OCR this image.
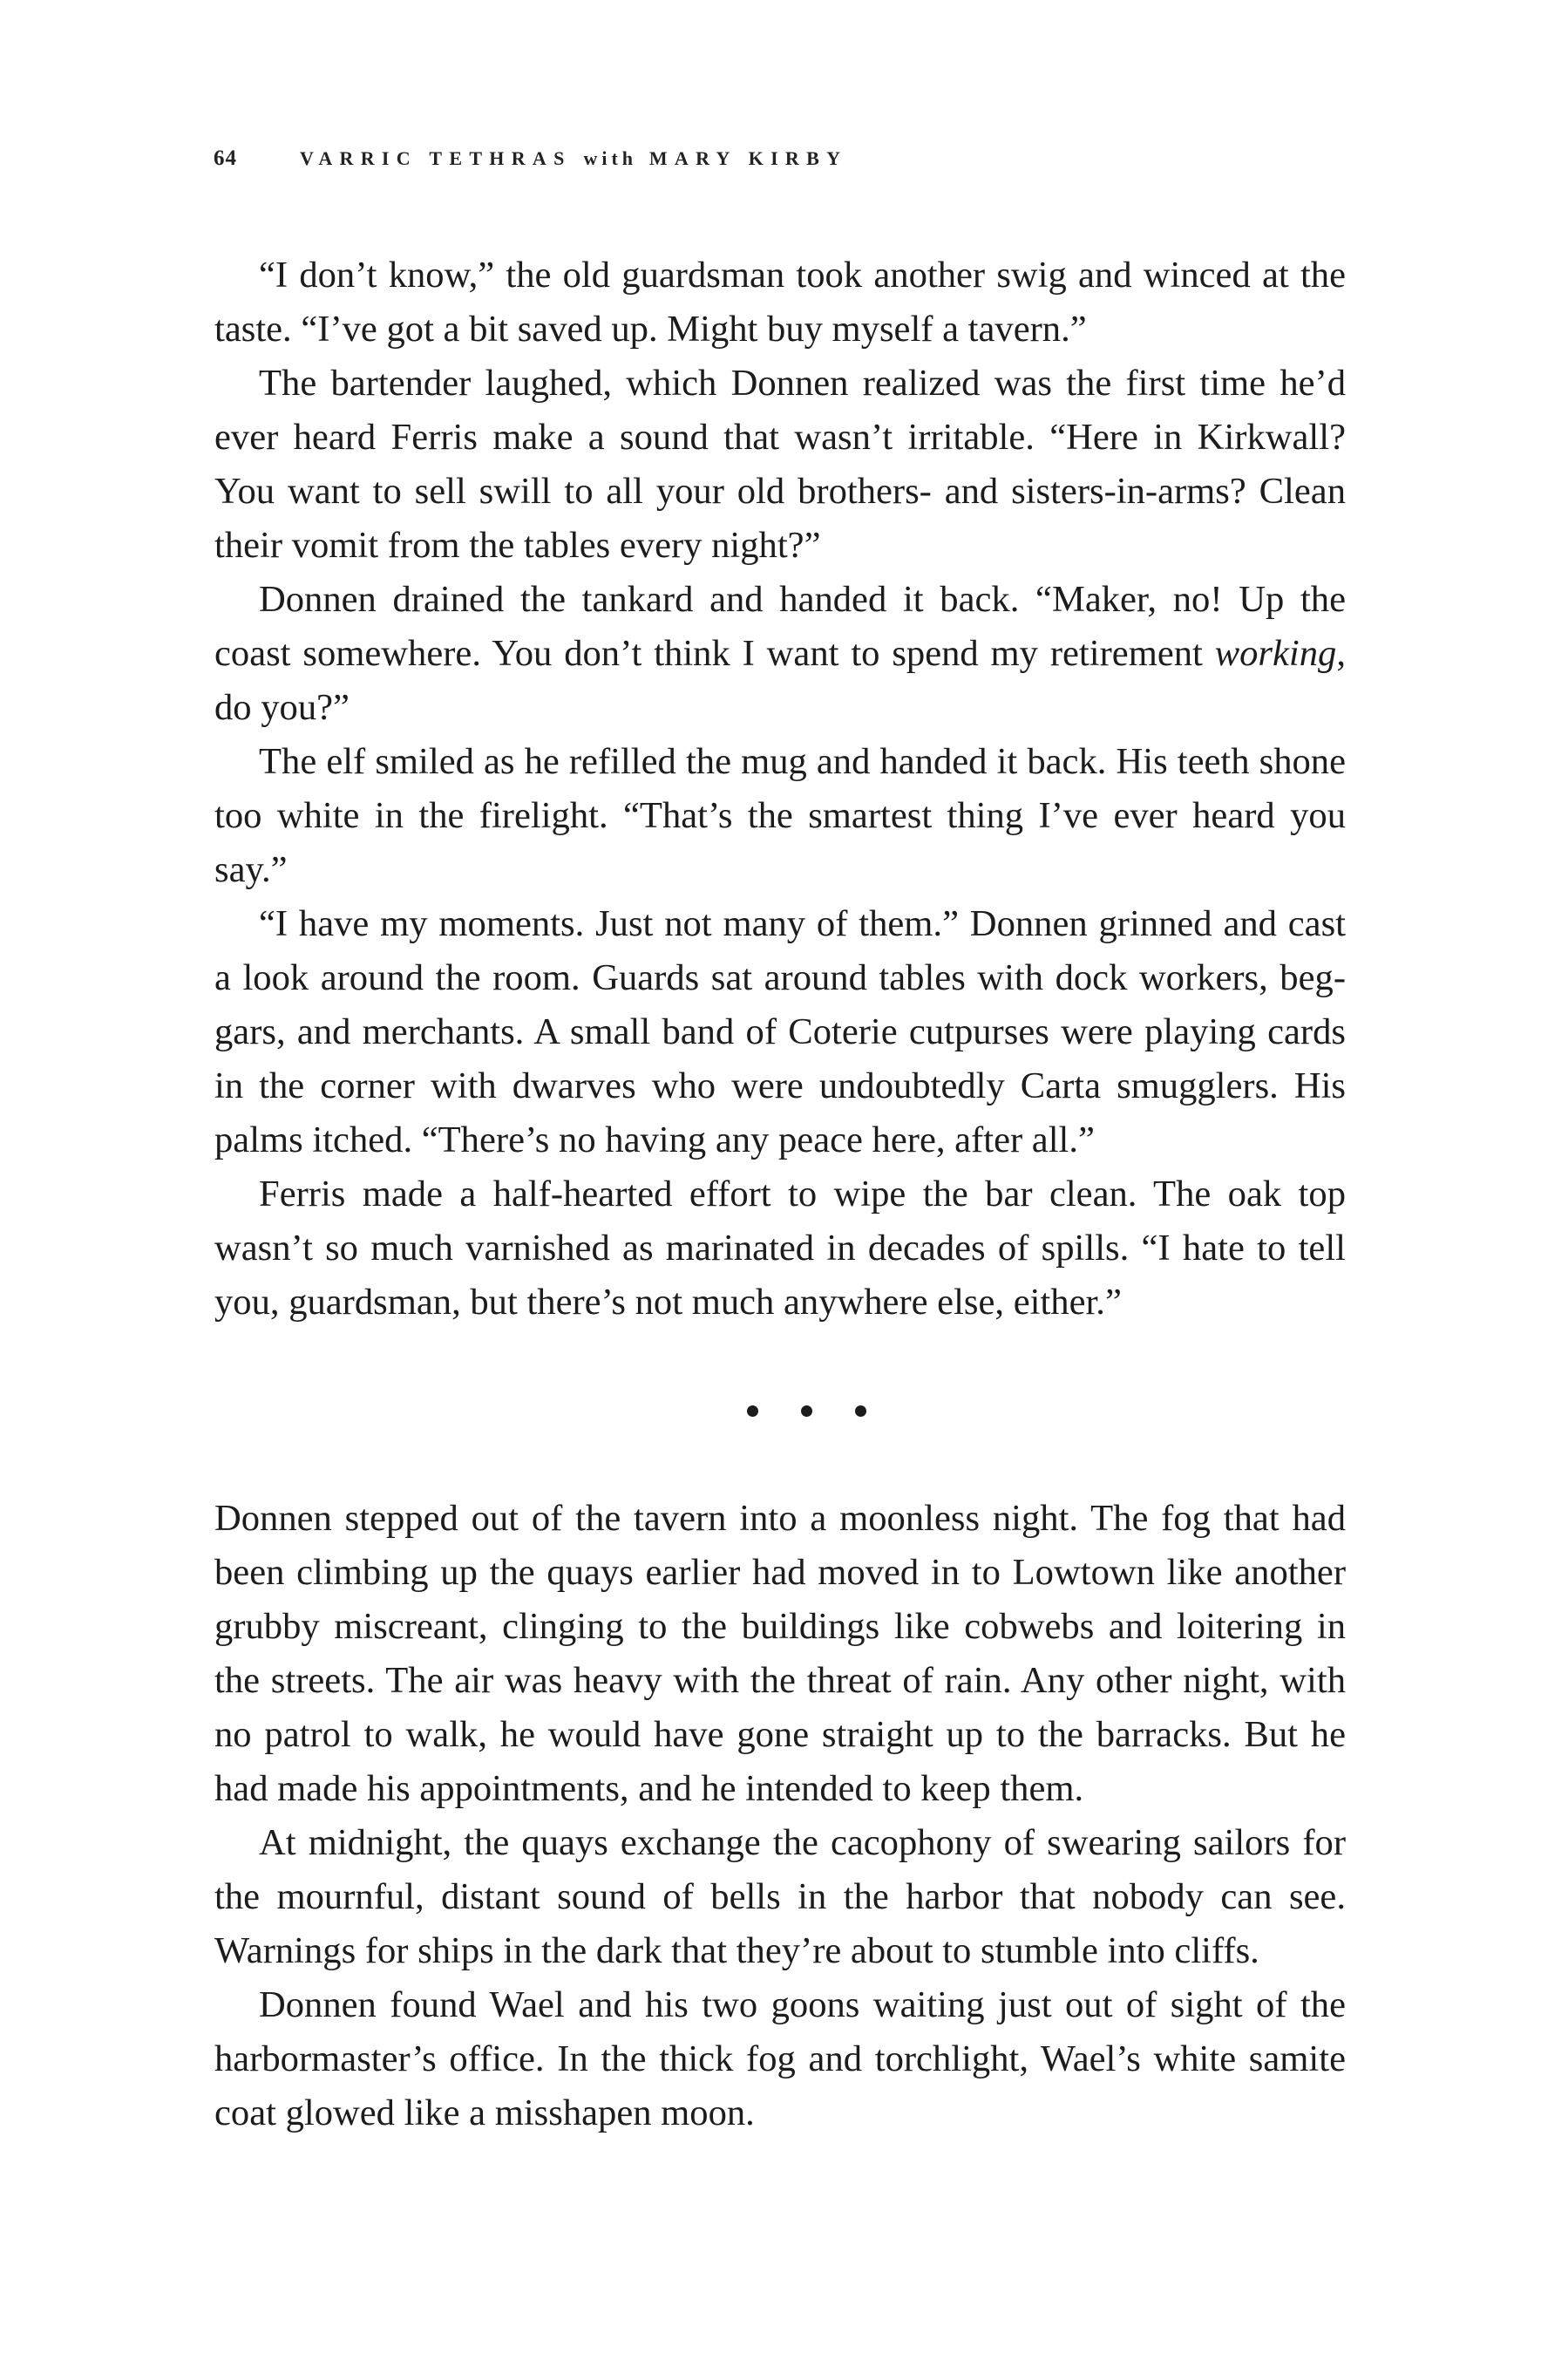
64	VARRIC TETHRAS with MARY KIRBY

“I don’t know,” the old guardsman took another swig and winced at the taste. “I’ve got a bit saved up. Might buy myself a tavern.”

The bartender laughed, which Donnen realized was the first time he’d ever heard Ferris make a sound that wasn’t irritable. “Here in Kirkwall? You want to sell swill to all your old brothers- and sisters-in-arms? Clean their vomit from the tables every night?”

Donnen drained the tankard and handed it back. “Maker, no! Up the coast somewhere. You don’t think I want to spend my retirement working, do you?”

The elf smiled as he refilled the mug and handed it back. His teeth shone too white in the firelight. “That’s the smartest thing I’ve ever heard you say.”

“I have my moments. Just not many of them.” Donnen grinned and cast a look around the room. Guards sat around tables with dock workers, beggars, and merchants. A small band of Coterie cutpurses were playing cards in the corner with dwarves who were undoubtedly Carta smugglers. His palms itched. “There’s no having any peace here, after all.”

Ferris made a half-hearted effort to wipe the bar clean. The oak top wasn’t so much varnished as marinated in decades of spills. “I hate to tell you, guardsman, but there’s not much anywhere else, either.”

Donnen stepped out of the tavern into a moonless night. The fog that had been climbing up the quays earlier had moved in to Lowtown like another grubby miscreant, clinging to the buildings like cobwebs and loitering in the streets. The air was heavy with the threat of rain. Any other night, with no patrol to walk, he would have gone straight up to the barracks. But he had made his appointments, and he intended to keep them.

At midnight, the quays exchange the cacophony of swearing sailors for the mournful, distant sound of bells in the harbor that nobody can see. Warnings for ships in the dark that they’re about to stumble into cliffs.

Donnen found Wael and his two goons waiting just out of sight of the harbormaster’s office. In the thick fog and torchlight, Wael’s white samite coat glowed like a misshapen moon.
